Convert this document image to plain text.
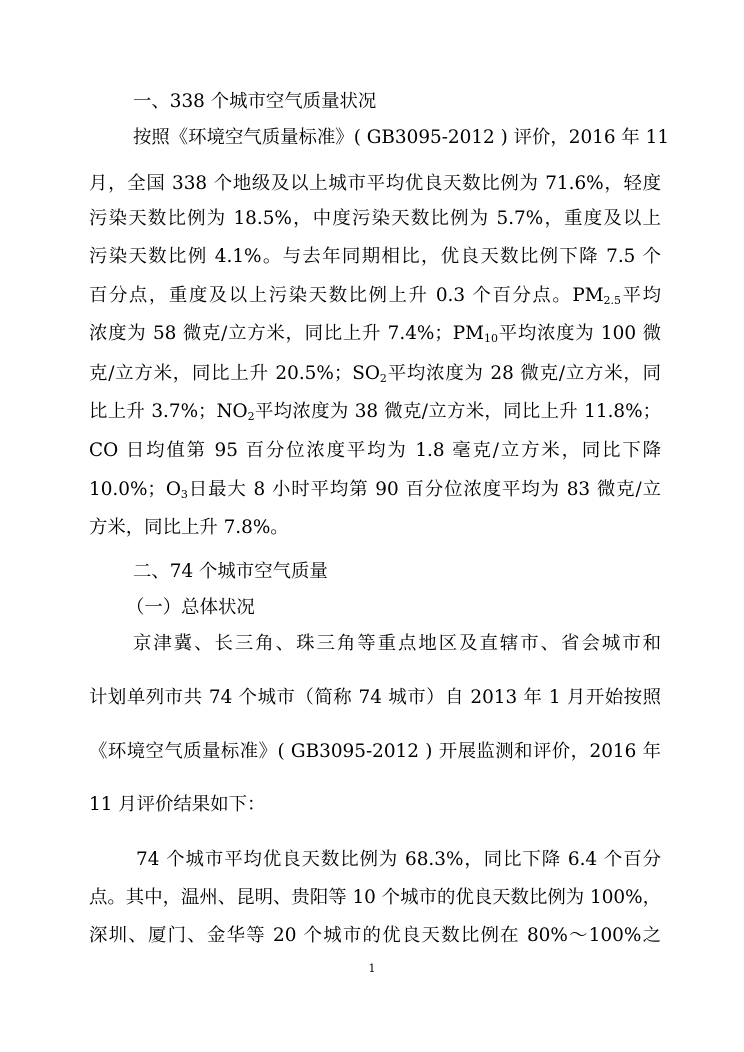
一、338 个城市空气质量状况
按照《环境空气质量标准》( GB3095-2012 ) 评价，2016 年 11
月，全国 338 个地级及以上城市平均优良天数比例为 71.6%，轻度
污染天数比例为 18.5%，中度污染天数比例为 5.7%，重度及以上
污染天数比例 4.1%。与去年同期相比，优良天数比例下降 7.5 个
百分点，重度及以上污染天数比例上升 0.3 个百分点。$PM_{2.5}$平均
浓度为 58 微克/立方米，同比上升 7.4%；$PM_{10}$平均浓度为 100 微
克/立方米，同比上升 20.5%；$SO_2$平均浓度为 28 微克/立方米，同
比上升 3.7%；$NO_2$平均浓度为 38 微克/立方米，同比上升 11.8%；
CO 日均值第 95 百分位浓度平均为 1.8 毫克/立方米，同比下降
10.0%；$O_3$日最大 8 小时平均第 90 百分位浓度平均为 83 微克/立
方米，同比上升 7.8%。
二、74 个城市空气质量
（一）总体状况
京津冀、长三角、珠三角等重点地区及直辖市、省会城市和
计划单列市共 74 个城市（简称 74 城市）自 2013 年 1 月开始按照
《环境空气质量标准》( GB3095-2012 ) 开展监测和评价，2016 年
11 月评价结果如下：
74 个城市平均优良天数比例为 68.3%，同比下降 6.4 个百分
点。其中，温州、昆明、贵阳等 10 个城市的优良天数比例为 100%，
深圳、厦门、金华等 20 个城市的优良天数比例在 80%～100%之
1
